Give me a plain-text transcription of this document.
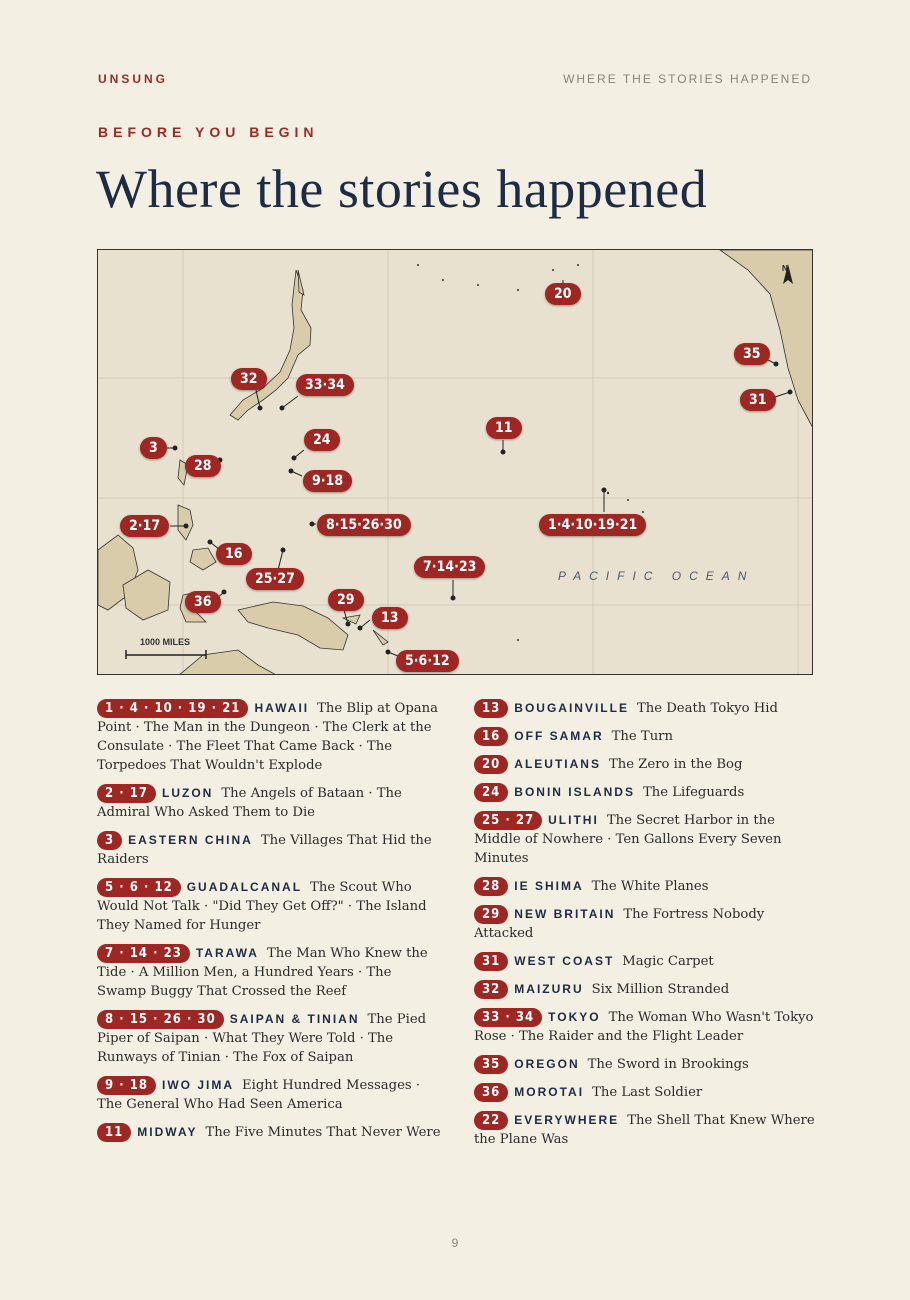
UNSUNG	WHERE THE STORIES HAPPENED
BEFORE YOU BEGIN
Where the stories happened
N
PACIFIC OCEAN
1000 MILES
20
35
31
32	33·34
11
3	24
28
9·18
2·17	8·15·26·30	1·4·10·19·21
16
25·27
7·14·23
36	29
13
5·6·12
1 · 4 · 10 · 19 · 21 HAWAII The Blip at Opana Point · The Man in the Dungeon · The Clerk at the Consulate · The Fleet That Came Back · The Torpedoes That Wouldn't Explode
2 · 17 LUZON The Angels of Bataan · The Admiral Who Asked Them to Die
3 EASTERN CHINA The Villages That Hid the Raiders
5 · 6 · 12 GUADALCANAL The Scout Who Would Not Talk · "Did They Get Off?" · The Island They Named for Hunger
7 · 14 · 23 TARAWA The Man Who Knew the Tide · A Million Men, a Hundred Years · The Swamp Buggy That Crossed the Reef
8 · 15 · 26 · 30 SAIPAN & TINIAN The Pied Piper of Saipan · What They Were Told · The Runways of Tinian · The Fox of Saipan
9 · 18 IWO JIMA Eight Hundred Messages · The General Who Had Seen America
11 MIDWAY The Five Minutes That Never Were
13 BOUGAINVILLE The Death Tokyo Hid
16 OFF SAMAR The Turn
20 ALEUTIANS The Zero in the Bog
24 BONIN ISLANDS The Lifeguards
25 · 27 ULITHI The Secret Harbor in the Middle of Nowhere · Ten Gallons Every Seven Minutes
28 IE SHIMA The White Planes
29 NEW BRITAIN The Fortress Nobody Attacked
31 WEST COAST Magic Carpet
32 MAIZURU Six Million Stranded
33 · 34 TOKYO The Woman Who Wasn't Tokyo Rose · The Raider and the Flight Leader
35 OREGON The Sword in Brookings
36 MOROTAI The Last Soldier
22 EVERYWHERE The Shell That Knew Where the Plane Was
9
